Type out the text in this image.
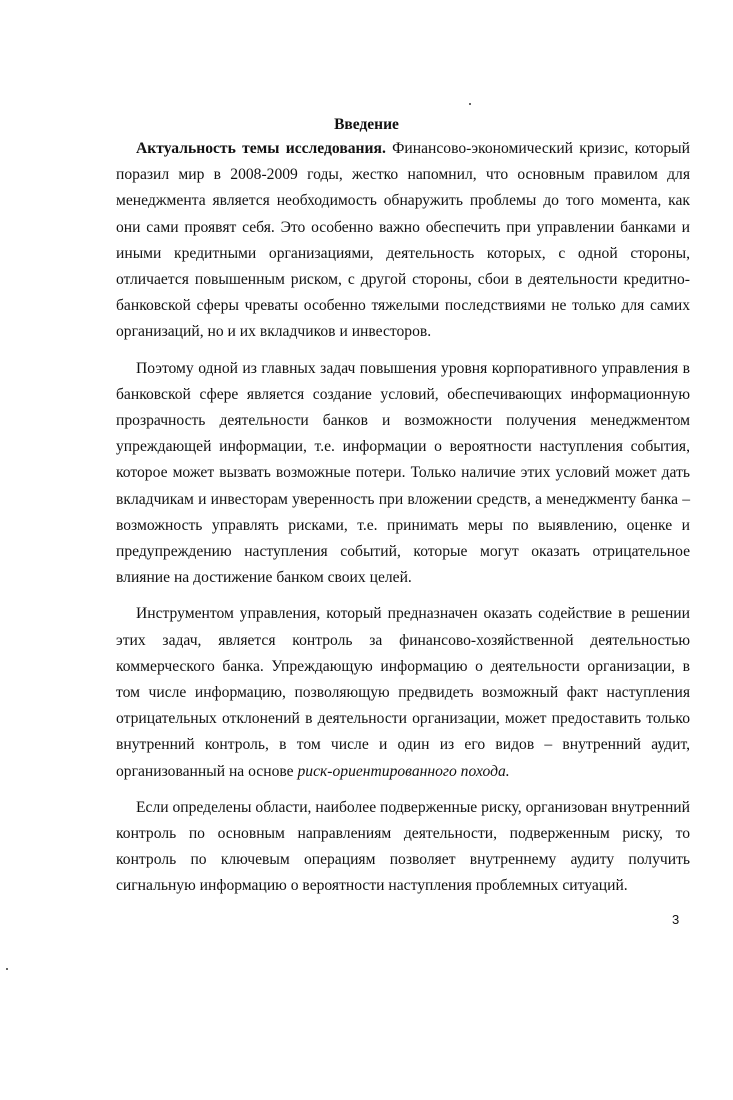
Введение

Актуальность темы исследования. Финансово-экономический кризис, который поразил мир в 2008-2009 годы, жестко напомнил, что основным правилом для менеджмента является необходимость обнаружить проблемы до того момента, как они сами проявят себя. Это особенно важно обеспечить при управлении банками и иными кредитными организациями, деятельность которых, с одной стороны, отличается повышенным риском, с другой стороны, сбои в деятельности кредитно-банковской сферы чреваты особенно тяжелыми последствиями не только для самих организаций, но и их вкладчиков и инвесторов.

Поэтому одной из главных задач повышения уровня корпоративного управления в банковской сфере является создание условий, обеспечивающих информационную прозрачность деятельности банков и возможности получения менеджментом упреждающей информации, т.е. информации о вероятности наступления события, которое может вызвать возможные потери. Только наличие этих условий может дать вкладчикам и инвесторам уверенность при вложении средств, а менеджменту банка – возможность управлять рисками, т.е. принимать меры по выявлению, оценке и предупреждению наступления событий, которые могут оказать отрицательное влияние на достижение банком своих целей.

Инструментом управления, который предназначен оказать содействие в решении этих задач, является контроль за финансово-хозяйственной деятельностью коммерческого банка. Упреждающую информацию о деятельности организации, в том числе информацию, позволяющую предвидеть возможный факт наступления отрицательных отклонений в деятельности организации, может предоставить только внутренний контроль, в том числе и один из его видов – внутренний аудит, организованный на основе риск-ориентированного похода.

Если определены области, наиболее подверженные риску, организован внутренний контроль по основным направлениям деятельности, подверженным риску, то контроль по ключевым операциям позволяет внутреннему аудиту получить сигнальную информацию о вероятности наступления проблемных ситуаций.

3
